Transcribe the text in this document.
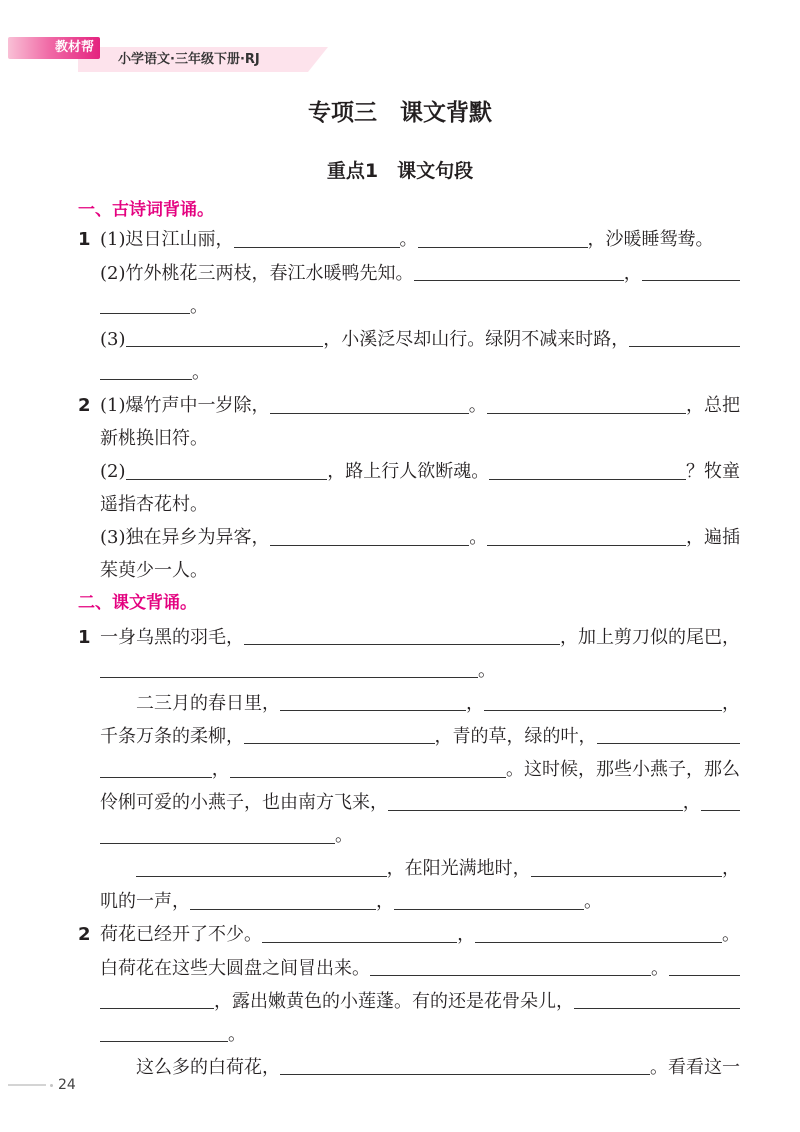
教材帮
小学语文·三年级下册·RJ
专项三　课文背默
重点1　课文句段
一、古诗词背诵。
1 (1)迟日江山丽，	。	，沙暖睡鸳鸯。
(2)竹外桃花三两枝，春江水暖鸭先知。	，
。
(3)	，小溪泛尽却山行。绿阴不减来时路，
。
2 (1)爆竹声中一岁除，	。	，总把
新桃换旧符。
(2)	，路上行人欲断魂。	？牧童
遥指杏花村。
(3)独在异乡为异客，	。	，遍插
茱萸少一人。
二、课文背诵。
1 一身乌黑的羽毛，	，加上剪刀似的尾巴，
。
二三月的春日里，	，	，
千条万条的柔柳，	，青的草，绿的叶，
，	。这时候，那些小燕子，那么
伶俐可爱的小燕子，也由南方飞来，	，
。
，在阳光满地时，	，
叽的一声，	，	。
2 荷花已经开了不少。	，	。
白荷花在这些大圆盘之间冒出来。	。
，露出嫩黄色的小莲蓬。有的还是花骨朵儿，
。
这么多的白荷花，	。看看这一
24
